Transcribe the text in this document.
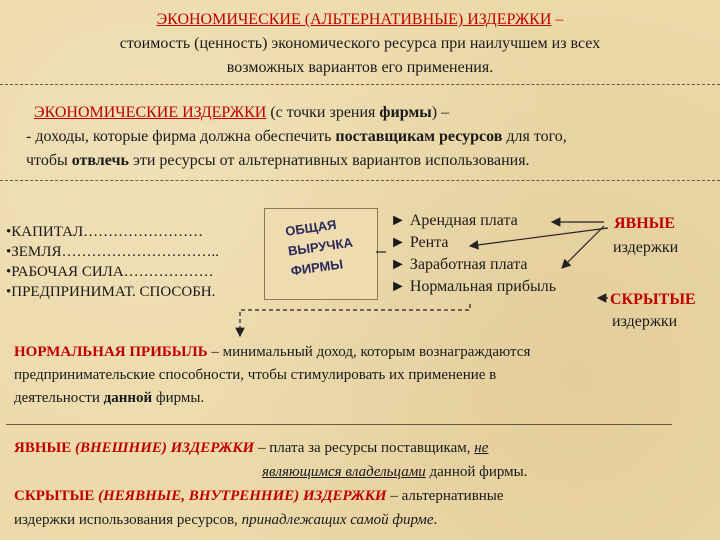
ЭКОНОМИЧЕСКИЕ (АЛЬТЕРНАТИВНЫЕ) ИЗДЕРЖКИ –
стоимость (ценность) экономического ресурса при наилучшем из всех
возможных вариантов его применения.
ЭКОНОМИЧЕСКИЕ ИЗДЕРЖКИ (с точки зрения фирмы) –
- доходы, которые фирма должна обеспечить поставщикам ресурсов для того,
чтобы отвлечь эти ресурсы от альтернативных вариантов использования.
•КАПИТАЛ……………………
•ЗЕМЛЯ…………………………..
•РАБОЧАЯ СИЛА………………
•ПРЕДПРИНИМАТ. СПОСОБН.
ОБЩАЯ
ВЫРУЧКА
ФИРМЫ
► Арендная плата
► Рента
► Заработная плата
► Нормальная прибыль
ЯВНЫЕ
издержки
СКРЫТЫЕ
издержки
НОРМАЛЬНАЯ ПРИБЫЛЬ – минимальный доход, которым вознаграждаются
предпринимательские способности, чтобы стимулировать их применение в
деятельности данной фирмы.
ЯВНЫЕ (ВНЕШНИЕ) ИЗДЕРЖКИ – плата за ресурсы поставщикам, не
являющимся владельцами данной фирмы.
СКРЫТЫЕ (НЕЯВНЫЕ, ВНУТРЕННИЕ) ИЗДЕРЖКИ – альтернативные
издержки использования ресурсов, принадлежащих самой фирме.
